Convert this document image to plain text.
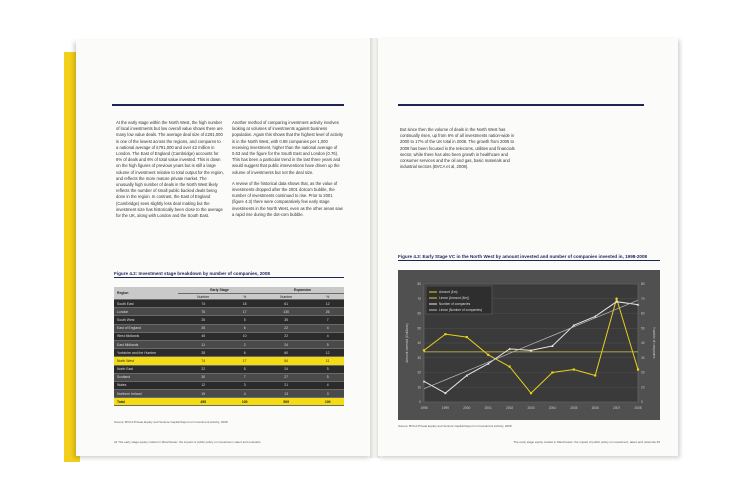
At the early stage within the North West, the high number of local investments but low overall value shows there are many low value deals. The average deal size of £291,000 is one of the lowest across the regions, and compares to a national average of £791,000 and over £2 million in London. The East of England (Cambridge) accounts for 6% of deals and 6% of total value invested. This is down on the high figures of previous years but is still a large volume of investment relative to total output for the region, and reflects the more mature private market. The unusually high number of deals in the North West likely reflects the number of small public backed deals being done in the region. In contrast, the East of England (Cambridge) sees slightly less deal making but the investment size has historically been close to the average for the UK, along with London and the South East.

Another method of comparing investment activity involves looking at volumes of investments against business population. Again this shows that the highest level of activity is in the North West, with 0.98 companies per 1,000 receiving investment, higher than the national average of 0.63 and the figure for the South East and London (0.76). This has been a particular trend in the last three years and would suggest that public interventions have driven up the volume of investments but not the deal size.

A review of the historical data shows that, as the value of investments dropped after the 2001 dotcom bubble, the number of investments continued to rise. Prior to 2001 (figure 4.3) there were comparatively few early stage investments in the North West, even as the other areas saw a rapid rise during the dot-com bubble.

Figure 4.2: Investment stage breakdown by number of companies, 2008
Region	Early Stage		Expansion	
	Number	%	Number	%
South East	74	18	61	12
London	76	17	130	26
South West	25	5	35	7
East of England	26	6	22	4
West Midlands	45	10	22	4
East Midlands	11	2	24	5
Yorkshire and the Humber	28	6	60	12
North West	74	17	54	11
North East	22	5	24	5
Scotland	30	7	27	5
Wales	12	3	21	4
Northern Ireland	19	4	13	3
Total	455	100	509	100
Source: BVCA Private Equity and Venture Capital Report on Investment Activity, 2008
24 The early stage equity market in Manchester: the impact of public policy on investment, talent and networks

But since then the volume of deals in the North West has continually risen, up from 6% of all investments nation-wide in 2000 to 17% of the UK total in 2008. The growth from 2005 to 2008 has been focused in the telecoms, utilities and financials sector, while there has also been growth in healthcare and consumer services and the oil and gas, basic materials and industrial sectors (BVCA et al, 2008).

Figure 4.3: Early Stage VC in the North West by amount invested and number of companies invested in, 1998-2008
0	0
10	10
20	20
30	30
40	40
50	50
60	60
70	70
80	80
1998	1999	2000	2001	2002	2003	2004	2005	2006	2007	2008
Amount invested (£millions)	Number of companies
Amount (£m)
Linear (Amount (£m))
Number of companies
Linear (Number of companies)
Source: BVCA Private Equity and Venture Capital Report on Investment Activity, 2008
The early stage equity market in Manchester: the impact of public policy on investment, talent and networks 25
